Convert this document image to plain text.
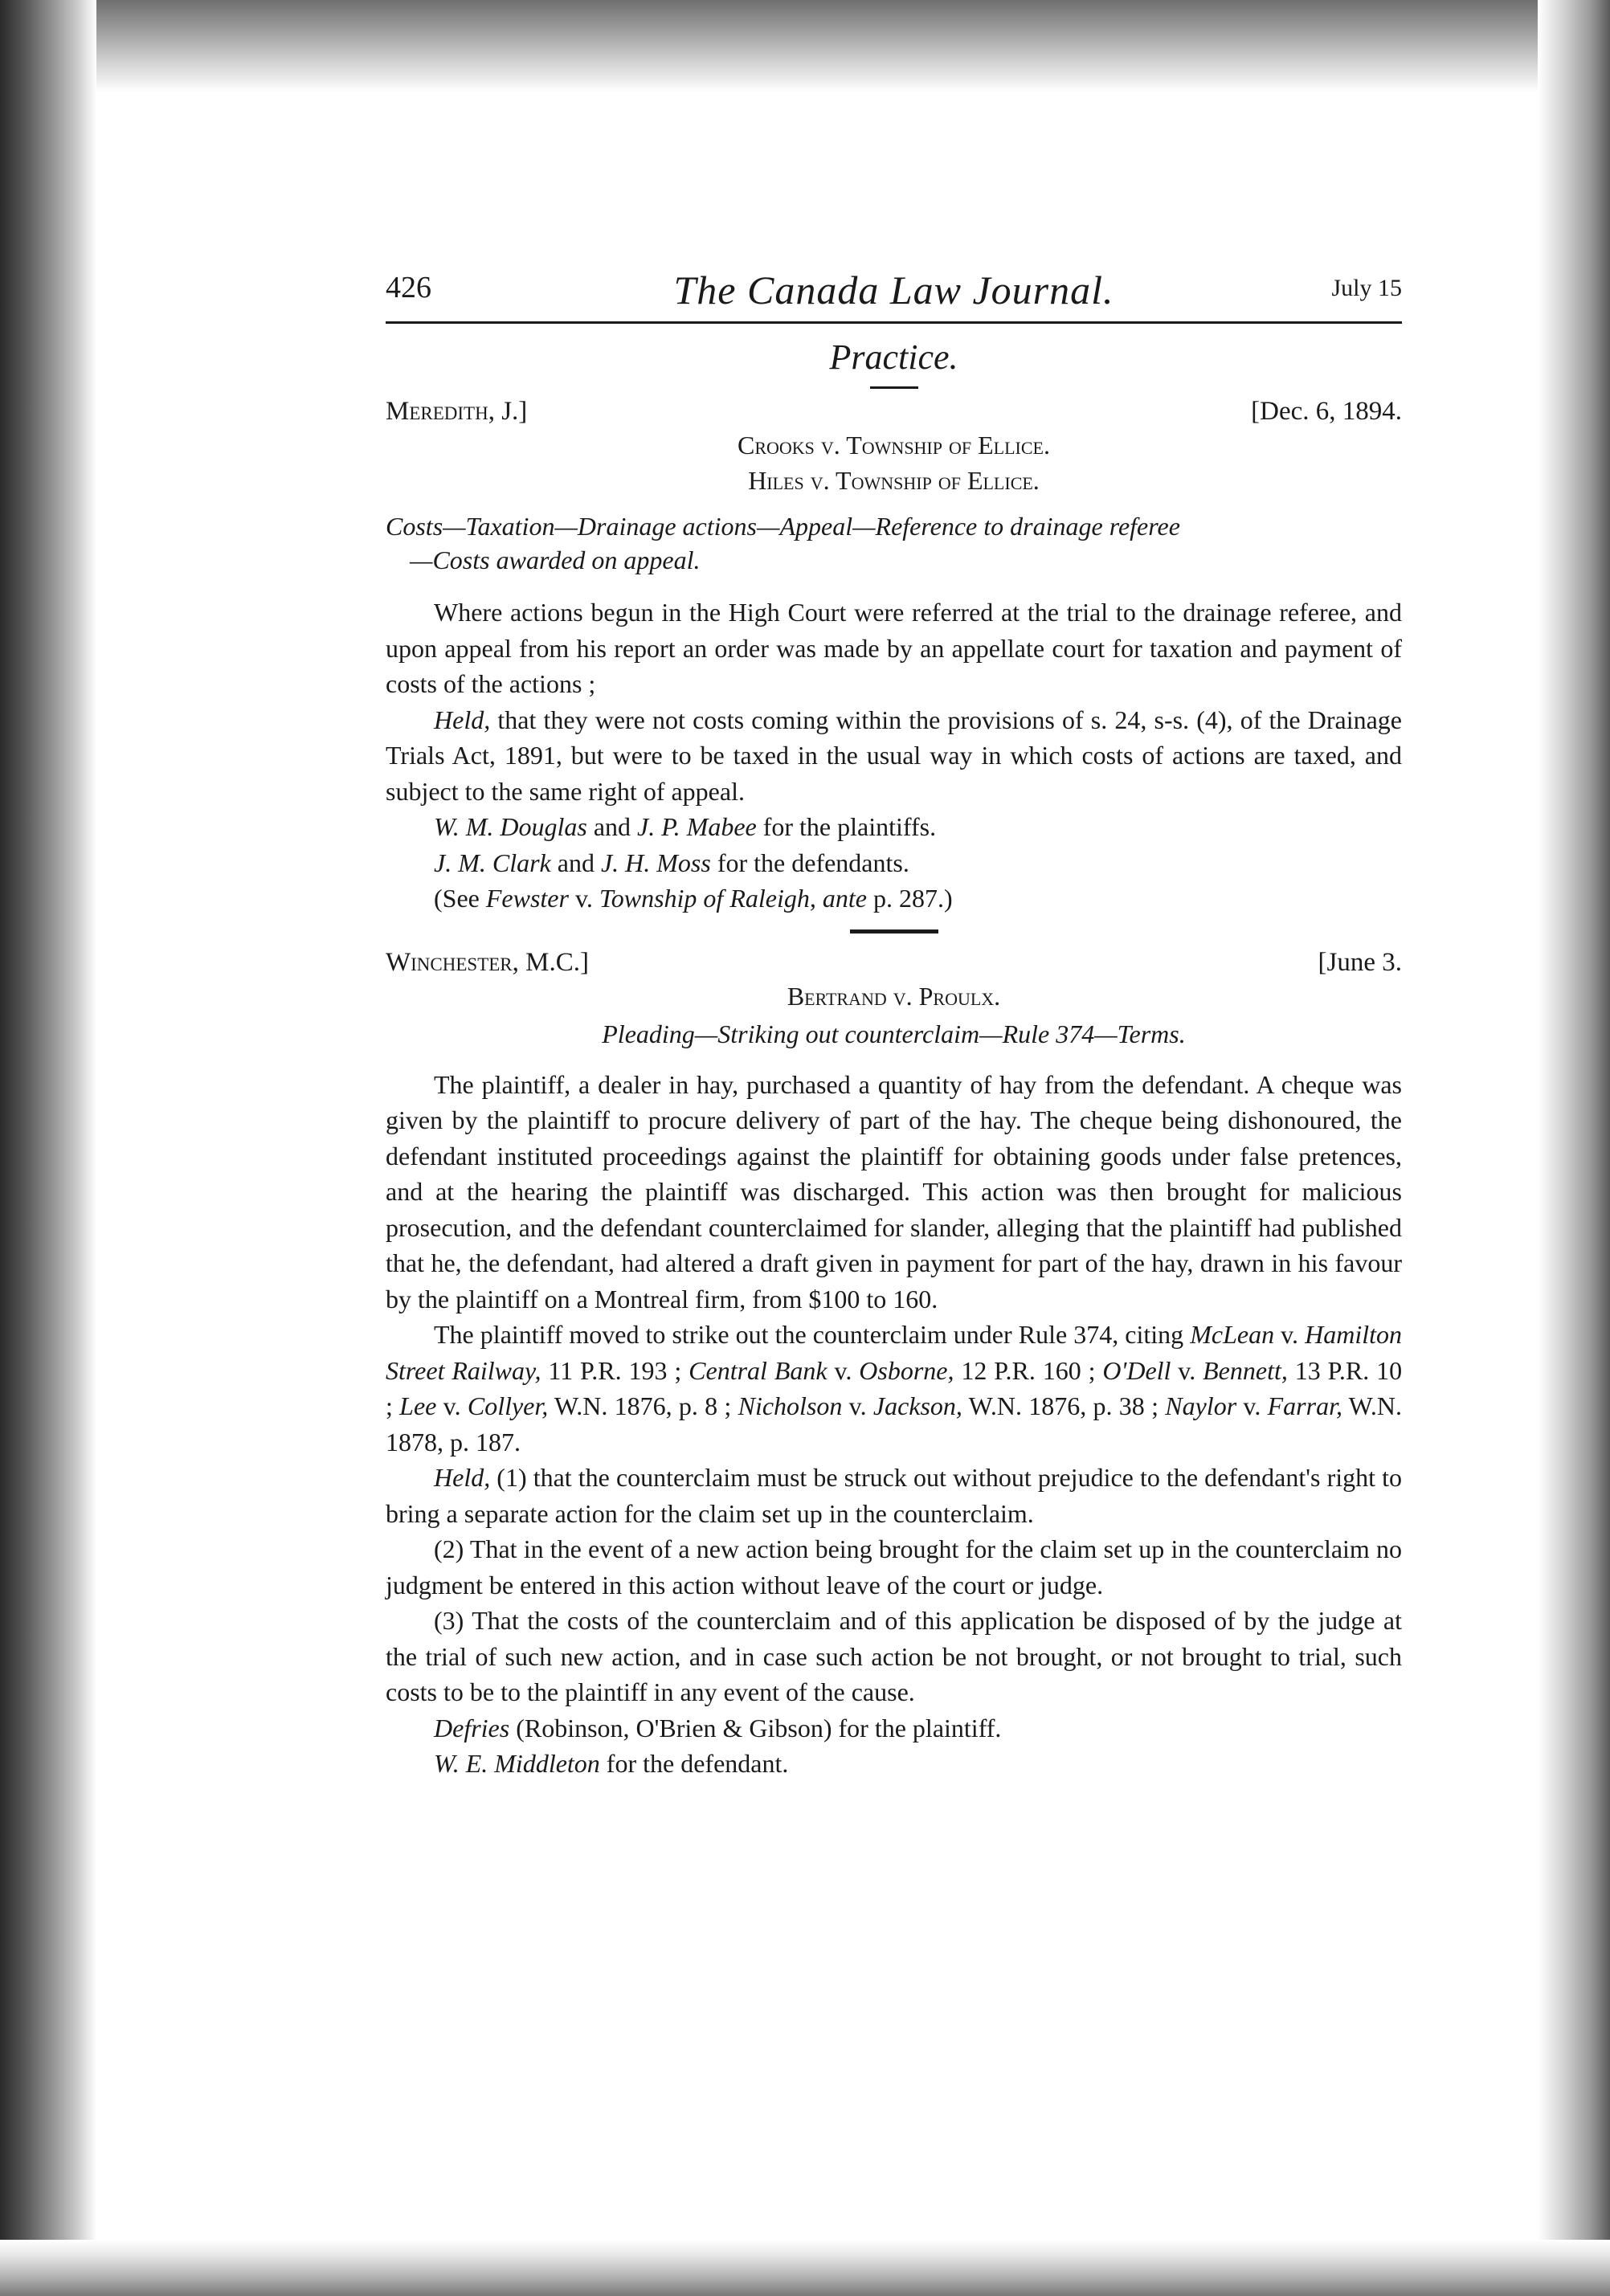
426	The Canada Law Journal.	July 15
Practice.
Meredith, J.]	[Dec. 6, 1894.
Crooks v. Township of Ellice.
Hiles v. Township of Ellice.
Costs—Taxation—Drainage actions—Appeal—Reference to drainage referee
—Costs awarded on appeal.

Where actions begun in the High Court were referred at the trial to the drainage referee, and upon appeal from his report an order was made by an appellate court for taxation and payment of costs of the actions ;

Held, that they were not costs coming within the provisions of s. 24, s-s. (4), of the Drainage Trials Act, 1891, but were to be taxed in the usual way in which costs of actions are taxed, and subject to the same right of appeal.

W. M. Douglas and J. P. Mabee for the plaintiffs.

J. M. Clark and J. H. Moss for the defendants.

(See Fewster v. Township of Raleigh, ante p. 287.)

Winchester, M.C.]	[June 3.
Bertrand v. Proulx.
Pleading—Striking out counterclaim—Rule 374—Terms.

The plaintiff, a dealer in hay, purchased a quantity of hay from the defendant. A cheque was given by the plaintiff to procure delivery of part of the hay. The cheque being dishonoured, the defendant instituted proceedings against the plaintiff for obtaining goods under false pretences, and at the hearing the plaintiff was discharged. This action was then brought for malicious prosecution, and the defendant counterclaimed for slander, alleging that the plaintiff had published that he, the defendant, had altered a draft given in payment for part of the hay, drawn in his favour by the plaintiff on a Montreal firm, from $100 to 160.

The plaintiff moved to strike out the counterclaim under Rule 374, citing McLean v. Hamilton Street Railway, 11 P.R. 193 ; Central Bank v. Osborne, 12 P.R. 160 ; O'Dell v. Bennett, 13 P.R. 10 ; Lee v. Collyer, W.N. 1876, p. 8 ; Nicholson v. Jackson, W.N. 1876, p. 38 ; Naylor v. Farrar, W.N. 1878, p. 187.

Held, (1) that the counterclaim must be struck out without prejudice to the defendant's right to bring a separate action for the claim set up in the counterclaim.

(2) That in the event of a new action being brought for the claim set up in the counterclaim no judgment be entered in this action without leave of the court or judge.

(3) That the costs of the counterclaim and of this application be disposed of by the judge at the trial of such new action, and in case such action be not brought, or not brought to trial, such costs to be to the plaintiff in any event of the cause.

Defries (Robinson, O'Brien & Gibson) for the plaintiff.

W. E. Middleton for the defendant.
